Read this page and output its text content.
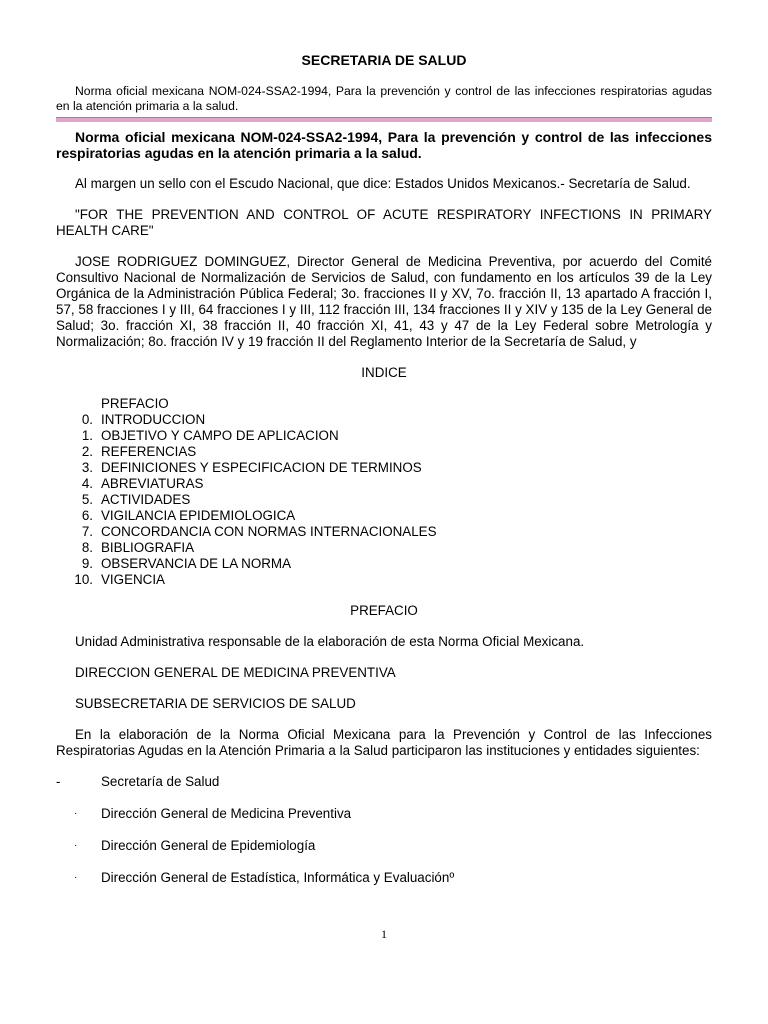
SECRETARIA DE SALUD

Norma oficial mexicana NOM-024-SSA2-1994, Para la prevención y control de las infecciones respiratorias agudas en la atención primaria a la salud.

Norma oficial mexicana NOM-024-SSA2-1994, Para la prevención y control de las infecciones respiratorias agudas en la atención primaria a la salud.

Al margen un sello con el Escudo Nacional, que dice: Estados Unidos Mexicanos.- Secretaría de Salud.

"FOR THE PREVENTION AND CONTROL OF ACUTE RESPIRATORY INFECTIONS IN PRIMARY HEALTH CARE"

JOSE RODRIGUEZ DOMINGUEZ, Director General de Medicina Preventiva, por acuerdo del Comité Consultivo Nacional de Normalización de Servicios de Salud, con fundamento en los artículos 39 de la Ley Orgánica de la Administración Pública Federal; 3o. fracciones II y XV, 7o. fracción II, 13 apartado A fracción I, 57, 58 fracciones I y III, 64 fracciones I y III, 112 fracción III, 134 fracciones II y XIV y 135 de la Ley General de Salud; 3o. fracción XI, 38 fracción II, 40 fracción XI, 41, 43 y 47 de la Ley Federal sobre Metrología y Normalización; 8o. fracción IV y 19 fracción II del Reglamento Interior de la Secretaría de Salud, y

INDICE

PREFACIO
0. INTRODUCCION
1. OBJETIVO Y CAMPO DE APLICACION
2. REFERENCIAS
3. DEFINICIONES Y ESPECIFICACION DE TERMINOS
4. ABREVIATURAS
5. ACTIVIDADES
6. VIGILANCIA EPIDEMIOLOGICA
7. CONCORDANCIA CON NORMAS INTERNACIONALES
8. BIBLIOGRAFIA
9. OBSERVANCIA DE LA NORMA
10. VIGENCIA

PREFACIO

Unidad Administrativa responsable de la elaboración de esta Norma Oficial Mexicana.

DIRECCION GENERAL DE MEDICINA PREVENTIVA

SUBSECRETARIA DE SERVICIOS DE SALUD

En la elaboración de la Norma Oficial Mexicana para la Prevención y Control de las Infecciones Respiratorias Agudas en la Atención Primaria a la Salud participaron las instituciones y entidades siguientes:

-	Secretaría de Salud
·	Dirección General de Medicina Preventiva
·	Dirección General de Epidemiología
·	Dirección General de Estadística, Informática y Evaluaciónº

1
